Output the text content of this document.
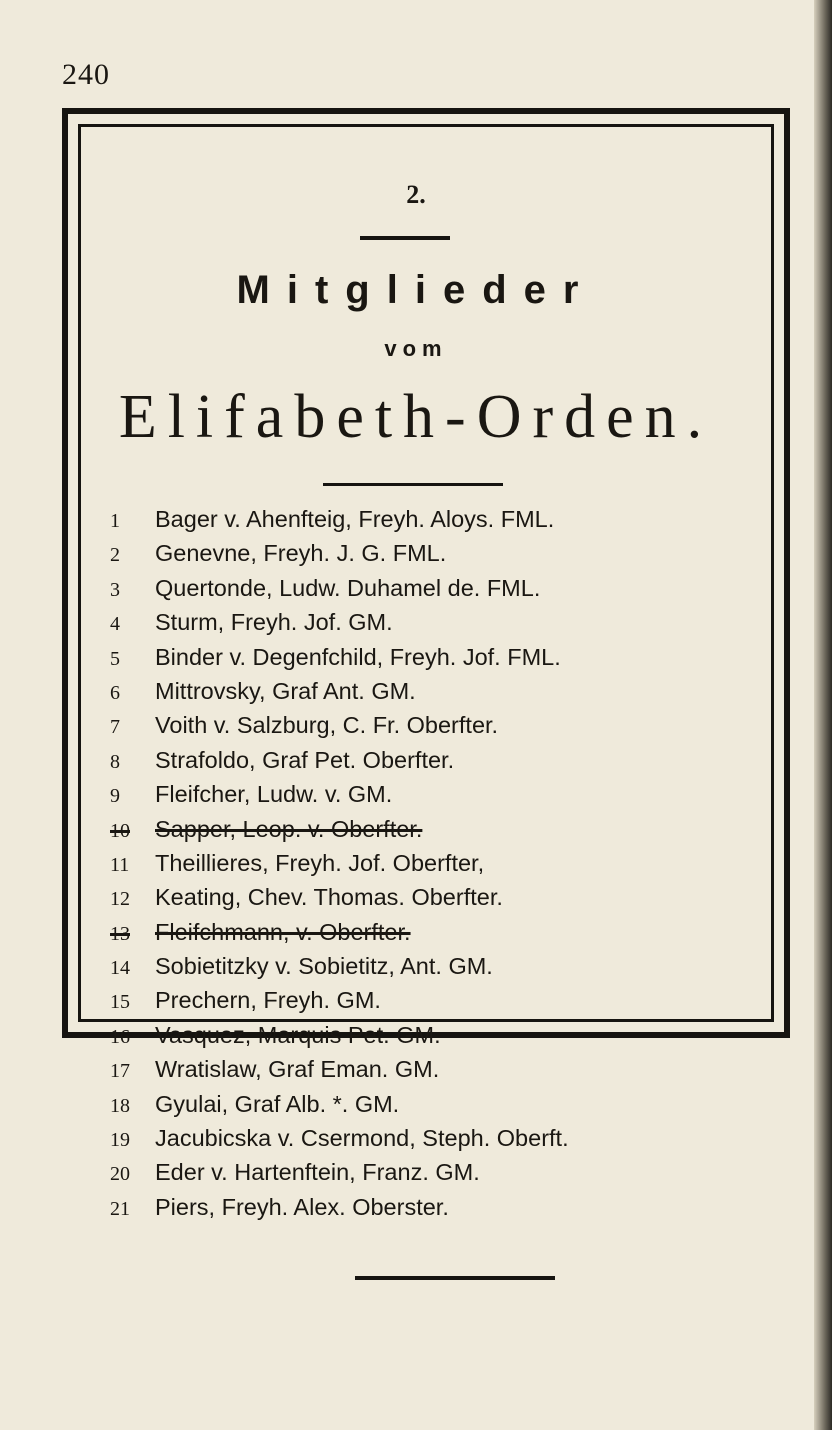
240
2.
Mitglieder
vom
Elifabeth-Orden.
1 Bager v. Ahenfteig, Freyh. Aloys. FML.
2 Genevne, Freyh. J. G. FML.
3 Quertonde, Ludw. Duhamel de. FML.
4 Sturm, Freyh. Jof. GM.
5 Binder v. Degenfchild, Freyh. Jof. FML.
6 Mittrovsky, Graf Ant. GM.
7 Voith v. Salzburg, C. Fr. Oberfter.
8 Strafoldo, Graf Pet. Oberfter.
9 Fleifcher, Ludw. v. GM.
10 Sapper, Leop. v. Oberfter.
11 Theillieres, Freyh. Jof. Oberfter,
12 Keating, Chev. Thomas. Oberfter.
13 Fleifchmann, v. Oberfter.
14 Sobietitzky v. Sobietitz, Ant. GM.
15 Prechern, Freyh. GM.
16 Vasquez, Marquis Pet. GM.
17 Wratislaw, Graf Eman. GM.
18 Gyulai, Graf Alb. *. GM.
19 Jacubicska v. Csermond, Steph. Oberft.
20 Eder v. Hartenftein, Franz. GM.
21 Piers, Freyh. Alex. Oberster.
